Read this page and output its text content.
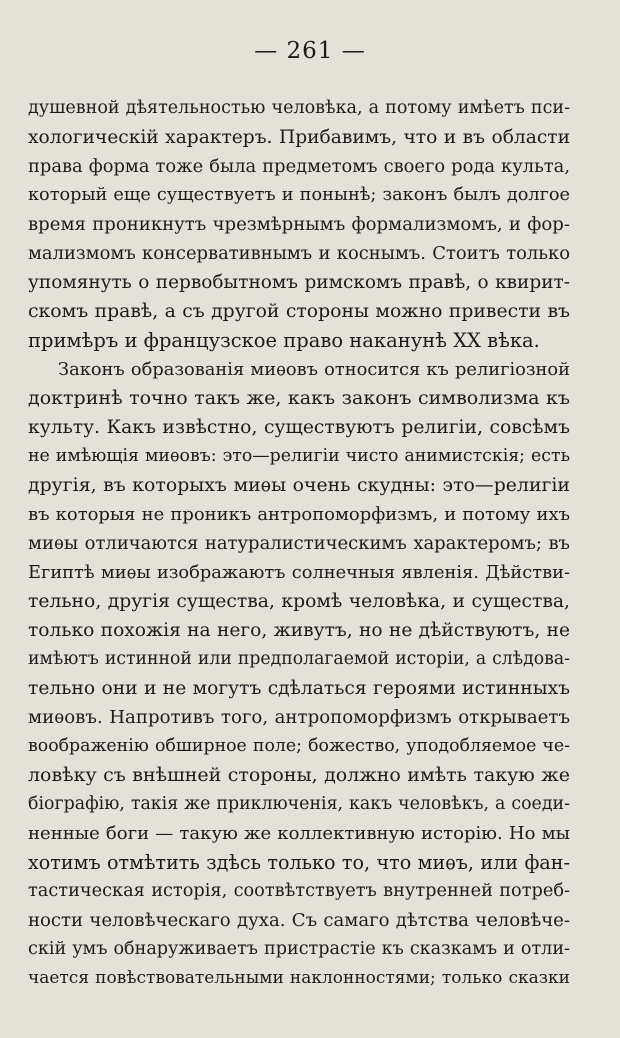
— 261 —
душевной дѣятельностью человѣка, а потому имѣетъ пси-
хологическій характеръ. Прибавимъ, что и въ области
права форма тоже была предметомъ своего рода культа,
который еще существуетъ и понынѣ; законъ былъ долгое
время проникнутъ чрезмѣрнымъ формализмомъ, и фор-
мализмомъ консервативнымъ и коснымъ. Стоитъ только
упомянуть о первобытномъ римскомъ правѣ, о квирит-
скомъ правѣ, а съ другой стороны можно привести въ
примѣръ и французское право наканунѣ XX вѣка.
Законъ образованія миѳовъ относится къ религіозной
доктринѣ точно такъ же, какъ законъ символизма къ
культу. Какъ извѣстно, существуютъ религіи, совсѣмъ
не имѣющія миѳовъ: это—религіи чисто анимистскія; есть
другія, въ которыхъ миѳы очень скудны: это—религіи
въ которыя не проникъ антропоморфизмъ, и потому ихъ
миѳы отличаются натуралистическимъ характеромъ; въ
Египтѣ миѳы изображаютъ солнечныя явленія. Дѣйстви-
тельно, другія существа, кромѣ человѣка, и существа,
только похожія на него, живутъ, но не дѣйствуютъ, не
имѣютъ истинной или предполагаемой исторіи, а слѣдова-
тельно они и не могутъ сдѣлаться героями истинныхъ
миѳовъ. Напротивъ того, антропоморфизмъ открываетъ
воображенію обширное поле; божество, уподобляемое че-
ловѣку съ внѣшней стороны, должно имѣть такую же
біографію, такія же приключенія, какъ человѣкъ, а соеди-
ненные боги — такую же коллективную исторію. Но мы
хотимъ отмѣтить здѣсь только то, что миѳъ, или фан-
тастическая исторія, соотвѣтствуетъ внутренней потреб-
ности человѣческаго духа. Съ самаго дѣтства человѣче-
скій умъ обнаруживаетъ пристрастіе къ сказкамъ и отли-
чается повѣствовательными наклонностями; только сказки
